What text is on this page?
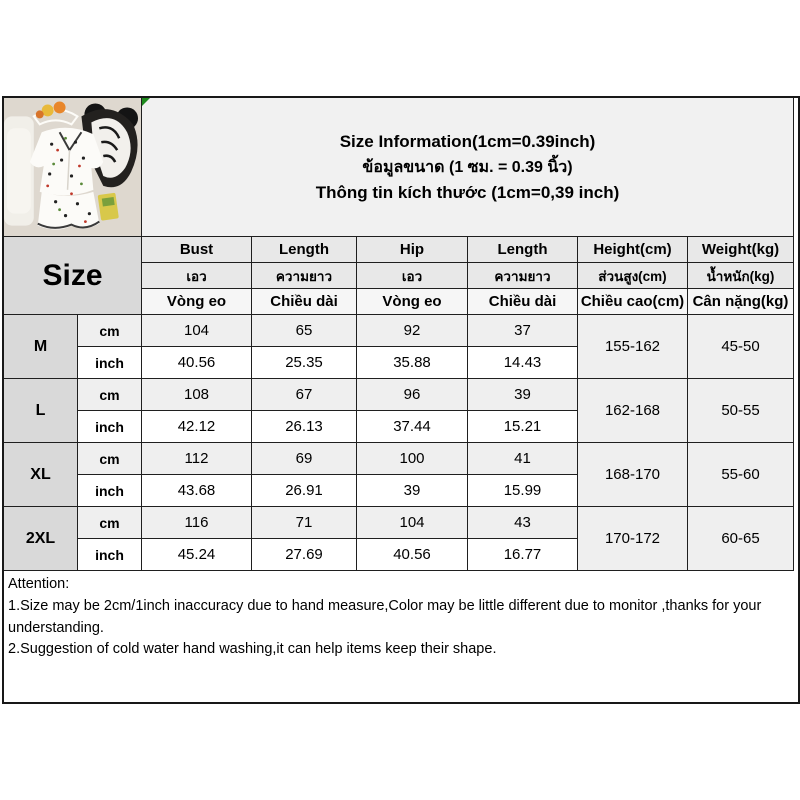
Size Information(1cm=0.39inch)
ข้อมูลขนาด (1 ซม. = 0.39 นิ้ว)
Thông tin kích thước (1cm=0,39 inch)
Size
Bust	Length	Hip	Length	Height(cm)	Weight(kg)
เอว	ความยาว	เอว	ความยาว	ส่วนสูง(cm)	น้ำหนัก(kg)
Vòng eo	Chiều dài	Vòng eo	Chiều dài	Chiều cao(cm) Cân nặng(kg)
M
cm	104	65	92	37
155-162	45-50
inch	40.56	25.35	35.88	14.43
L
cm	108	67	96	39
162-168	50-55
inch	42.12	26.13	37.44	15.21
XL
cm	112	69	100	41
168-170	55-60
inch	43.68	26.91	39	15.99
2XL
cm	116	71	104	43
170-172	60-65
inch	45.24	27.69	40.56	16.77

Attention:

1.Size may be 2cm/1inch inaccuracy due to hand measure,Color may be little different due to monitor ,thanks for your understanding.

2.Suggestion of cold water hand washing,it can help items keep their shape.
